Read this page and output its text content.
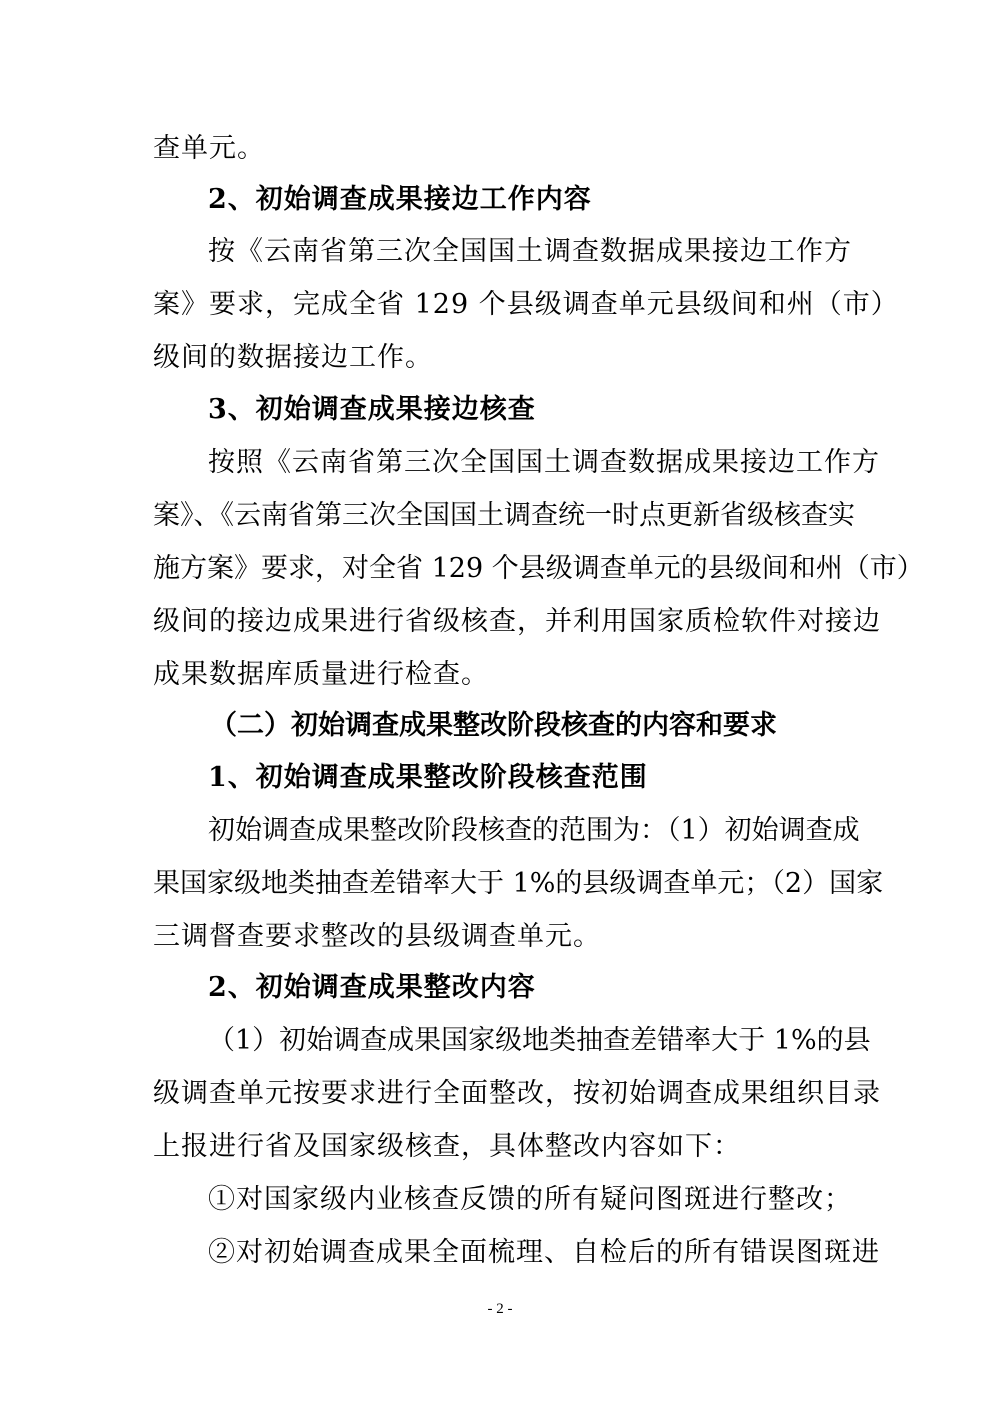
查单元。
2、初始调查成果接边工作内容
按《云南省第三次全国国土调查数据成果接边工作方
案》要求，完成全省 129 个县级调查单元县级间和州（市）
级间的数据接边工作。
3、初始调查成果接边核查
按照《云南省第三次全国国土调查数据成果接边工作方
案》、《云南省第三次全国国土调查统一时点更新省级核查实
施方案》要求，对全省 129 个县级调查单元的县级间和州（市）
级间的接边成果进行省级核查，并利用国家质检软件对接边
成果数据库质量进行检查。
（二）初始调查成果整改阶段核查的内容和要求
1、初始调查成果整改阶段核查范围
初始调查成果整改阶段核查的范围为：（1）初始调查成
果国家级地类抽查差错率大于 1%的县级调查单元；（2）国家
三调督查要求整改的县级调查单元。
2、初始调查成果整改内容
（1）初始调查成果国家级地类抽查差错率大于 1%的县
级调查单元按要求进行全面整改，按初始调查成果组织目录
上报进行省及国家级核查，具体整改内容如下：
①对国家级内业核查反馈的所有疑问图斑进行整改；
②对初始调查成果全面梳理、自检后的所有错误图斑进
- 2 -
